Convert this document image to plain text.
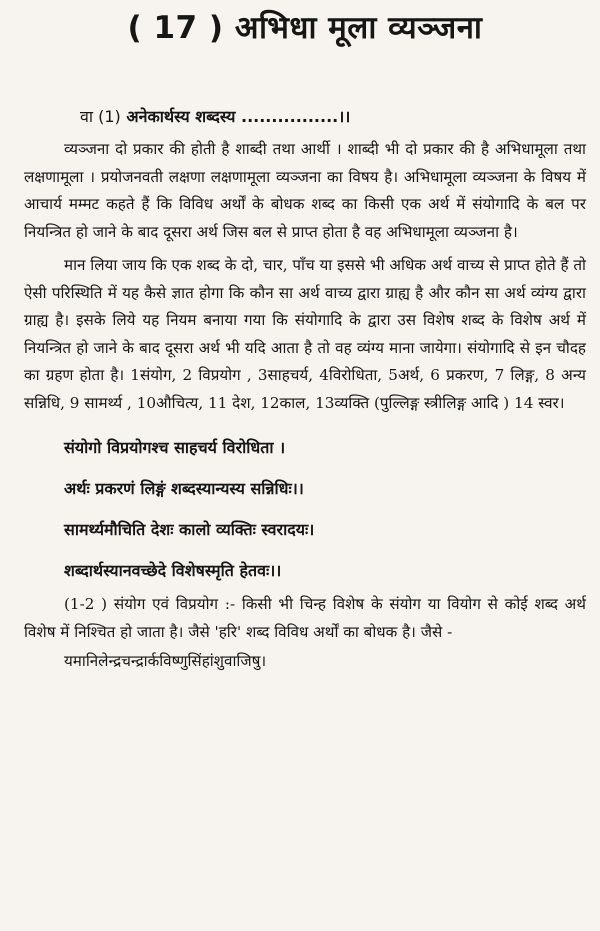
( 17 ) अभिधा मूला व्यञ्जना
वा (1) अनेकार्थस्य शब्दस्य ................।।

व्यञ्जना दो प्रकार की होती है शाब्दी तथा आर्थी । शाब्दी भी दो प्रकार की है अभिधामूला तथा लक्षणामूला । प्रयोजनवती लक्षणा लक्षणामूला व्यञ्जना का विषय है। अभिधामूला व्यञ्जना के विषय में आचार्य मम्मट कहते हैं कि विविध अर्थों के बोधक शब्द का किसी एक अर्थ में संयोगादि के बल पर नियन्त्रित हो जाने के बाद दूसरा अर्थ जिस बल से प्राप्त होता है वह अभिधामूला व्यञ्जना है।

मान लिया जाय कि एक शब्द के दो, चार, पाँच या इससे भी अधिक अर्थ वाच्य से प्राप्त होते हैं तो ऐसी परिस्थिति में यह कैसे ज्ञात होगा कि कौन सा अर्थ वाच्य द्वारा ग्राह्य है और कौन सा अर्थ व्यंग्य द्वारा ग्राह्य है। इसके लिये यह नियम बनाया गया कि संयोगादि के द्वारा उस विशेष शब्द के विशेष अर्थ में नियन्त्रित हो जाने के बाद दूसरा अर्थ भी यदि आता है तो वह व्यंग्य माना जायेगा। संयोगादि से इन चौदह का ग्रहण होता है। 1संयोग, 2 विप्रयोग , 3साहचर्य, 4विरोधिता, 5अर्थ, 6 प्रकरण, 7 लिङ्ग, 8 अन्य सन्निधि, 9 सामर्थ्य , 10औचित्य, 11 देश, 12काल, 13व्यक्ति (पुल्लिङ्ग स्त्रीलिङ्ग आदि ) 14 स्वर।

संयोगो विप्रयोगश्च साहचर्य विरोधिता ।
अर्थः प्रकरणं लिङ्गं शब्दस्यान्यस्य सन्निधिः।।
सामर्थ्यमौचिति देशः कालो व्यक्तिः स्वरादयः।
शब्दार्थस्यानवच्छेदे विशेषस्मृति हेतवः।।

(1-2 ) संयोग एवं विप्रयोग :- किसी भी चिन्ह विशेष के संयोग या वियोग से कोई शब्द अर्थ विशेष में निश्चित हो जाता है। जैसे 'हरि' शब्द विविध अर्थों का बोधक है। जैसे -

यमानिलेन्द्रचन्द्रार्कविष्णुसिंहांशुवाजिषु।
